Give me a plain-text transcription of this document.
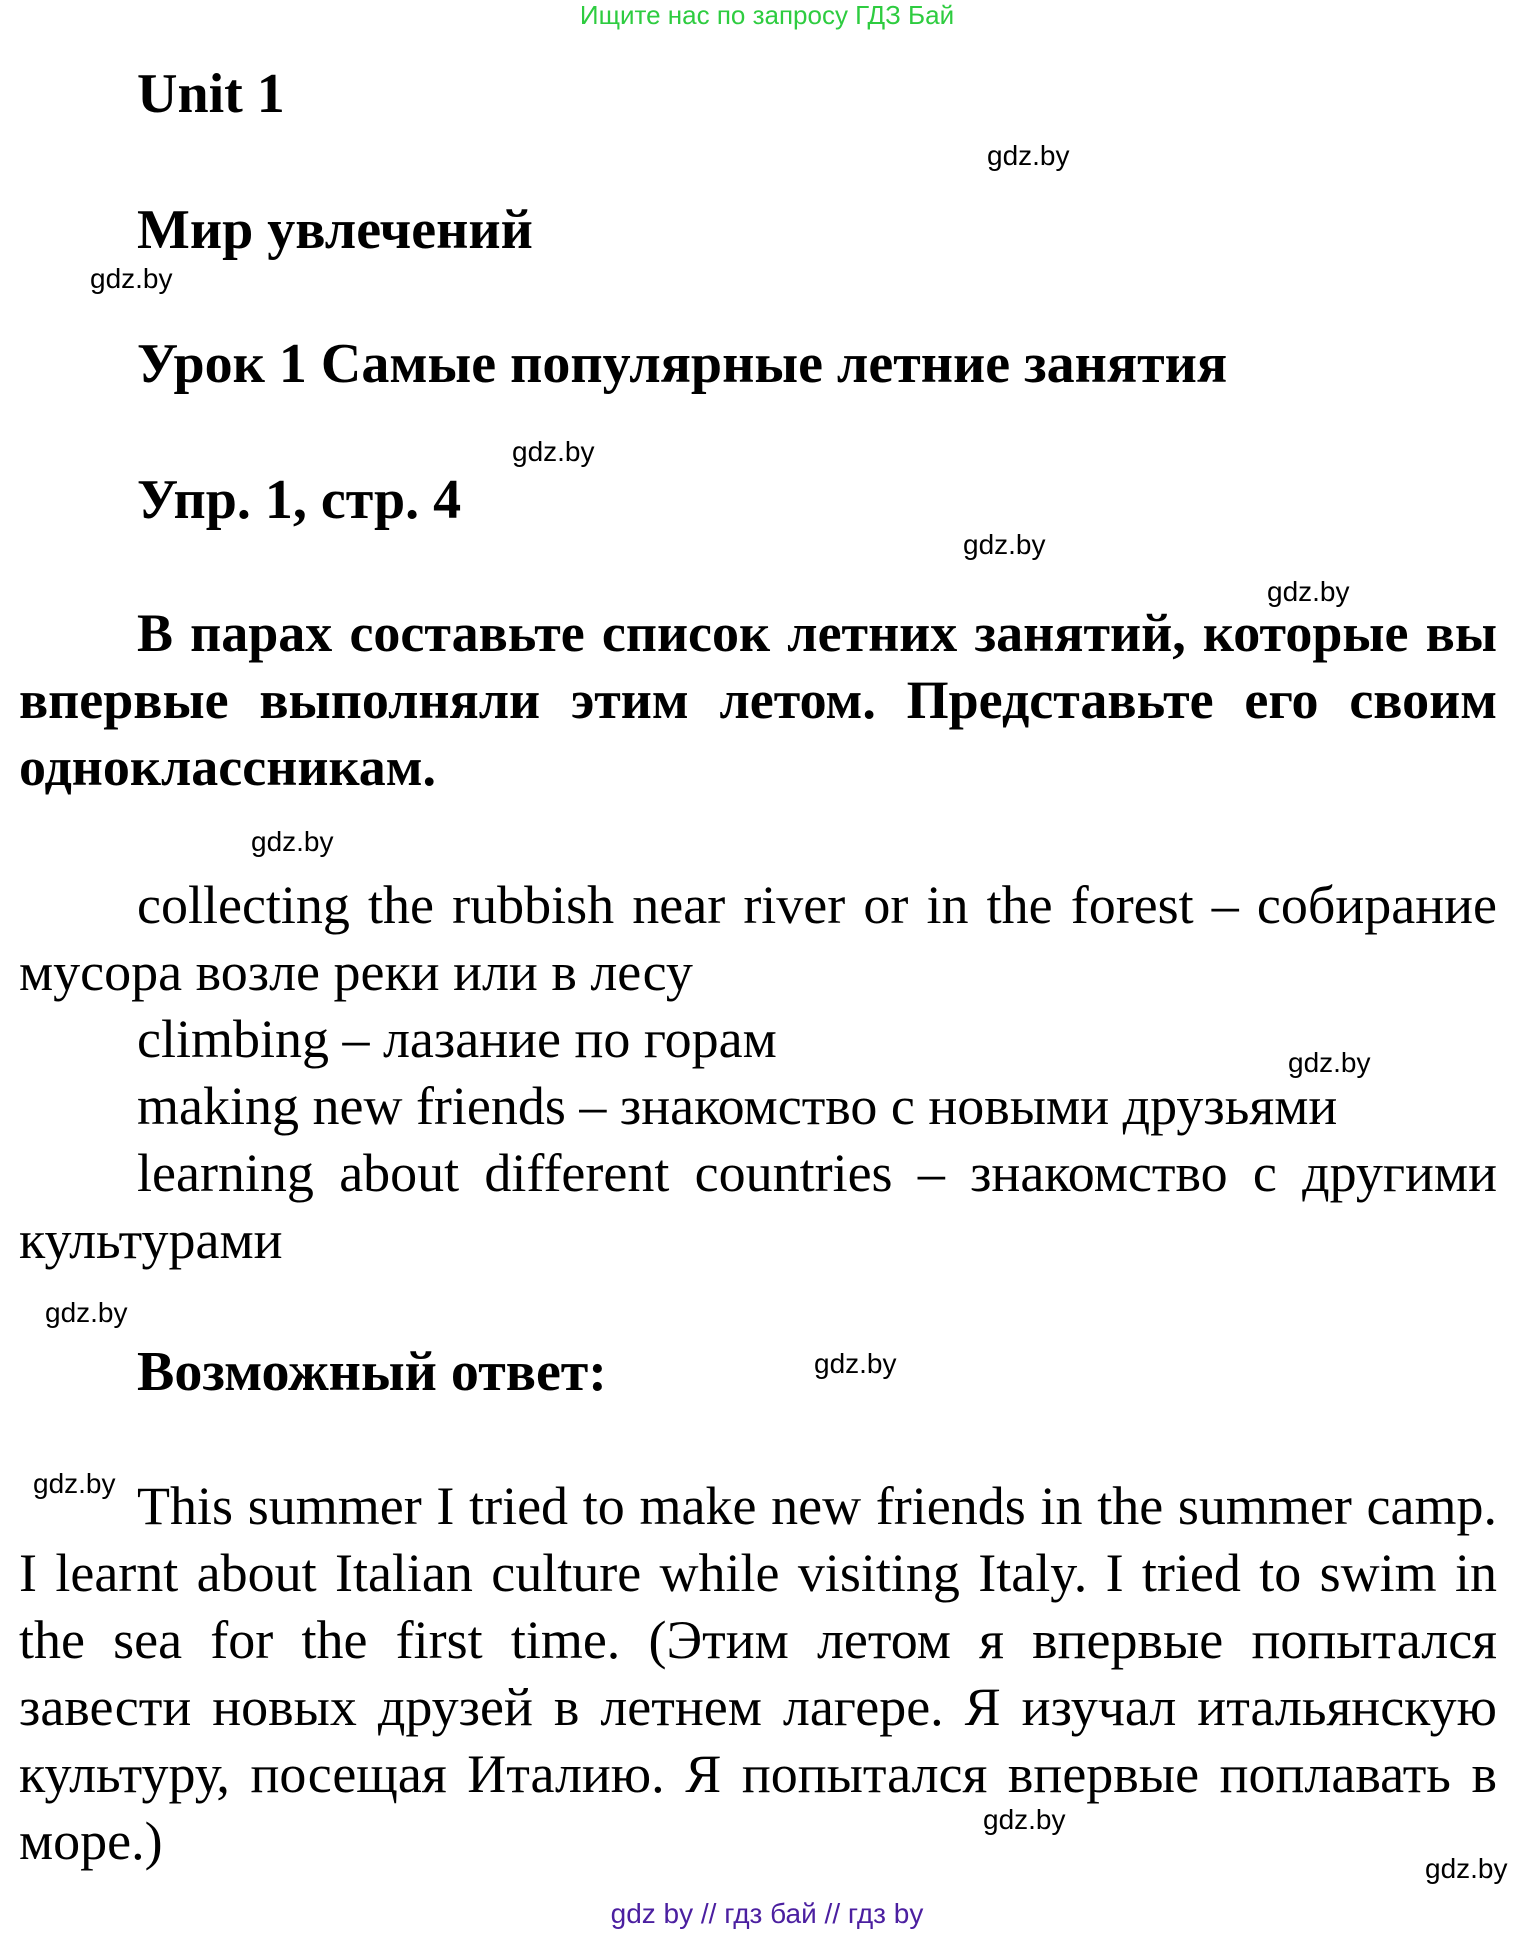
Ищите нас по запросу ГДЗ Бай
Unit 1
gdz.by
Мир увлечений
gdz.by
Урок 1 Самые популярные летние занятия
gdz.by
Упр. 1, стр. 4
gdz.by
gdz.by
В парах составьте список летних занятий, которые вы впервые выполняли этим летом. Представьте его своим одноклассникам.
gdz.by
collecting the rubbish near river or in the forest – собирание мусора возле реки или в лесу
climbing – лазание по горам	gdz.by
making new friends – знакомство с новыми друзьями
learning about different countries – знакомство с другими культурами
gdz.by
Возможный ответ:	gdz.by
gdz.by This summer I tried to make new friends in the summer camp. I learnt about Italian culture while visiting Italy. I tried to swim in the sea for the first time. (Этим летом я впервые попытался завести новых друзей в летнем лагере. Я изучал итальянскую культуру, посещая Италию. Я попытался впервые поплавать в море.)	gdz.by
gdz.by
gdz by // гдз бай // гдз by
